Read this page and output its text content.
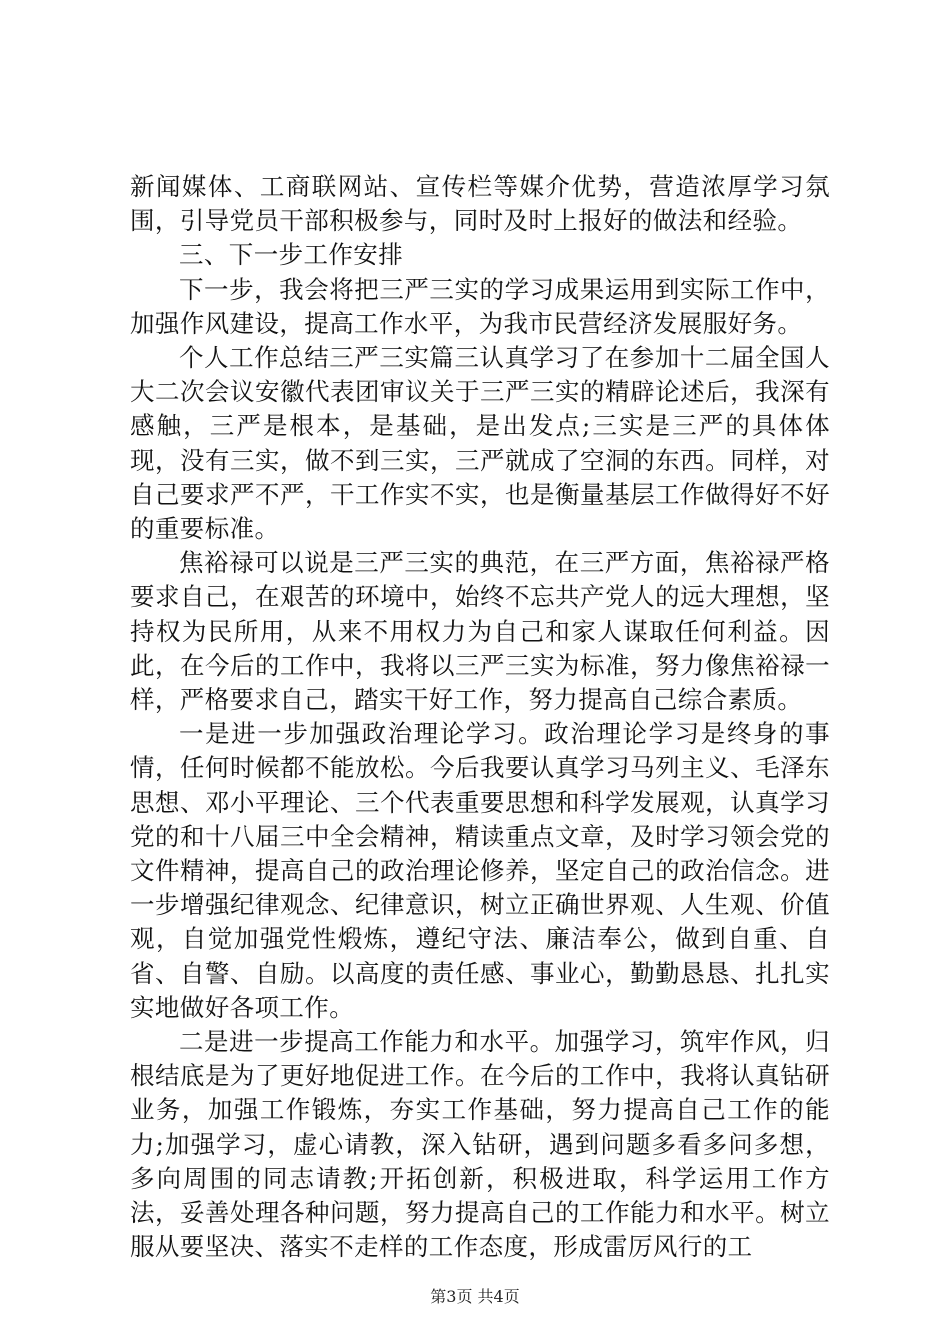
新闻媒体、工商联网站、宣传栏等媒介优势，营造浓厚学习氛围，引导党员干部积极参与，同时及时上报好的做法和经验。

三、下一步工作安排

下一步，我会将把三严三实的学习成果运用到实际工作中，加强作风建设，提高工作水平，为我市民营经济发展服好务。

个人工作总结三严三实篇三认真学习了在参加十二届全国人大二次会议安徽代表团审议关于三严三实的精辟论述后，我深有感触，三严是根本，是基础，是出发点;三实是三严的具体体现，没有三实，做不到三实，三严就成了空洞的东西。同样，对自己要求严不严，干工作实不实，也是衡量基层工作做得好不好的重要标准。

焦裕禄可以说是三严三实的典范，在三严方面，焦裕禄严格要求自己，在艰苦的环境中，始终不忘共产党人的远大理想，坚持权为民所用，从来不用权力为自己和家人谋取任何利益。因此，在今后的工作中，我将以三严三实为标准，努力像焦裕禄一样，严格要求自己，踏实干好工作，努力提高自己综合素质。

一是进一步加强政治理论学习。政治理论学习是终身的事情，任何时候都不能放松。今后我要认真学习马列主义、毛泽东思想、邓小平理论、三个代表重要思想和科学发展观，认真学习党的和十八届三中全会精神，精读重点文章，及时学习领会党的文件精神，提高自己的政治理论修养，坚定自己的政治信念。进一步增强纪律观念、纪律意识，树立正确世界观、人生观、价值观，自觉加强党性煅炼，遵纪守法、廉洁奉公，做到自重、自省、自警、自励。以高度的责任感、事业心，勤勤恳恳、扎扎实实地做好各项工作。

二是进一步提高工作能力和水平。加强学习，筑牢作风，归根结底是为了更好地促进工作。在今后的工作中，我将认真钻研业务，加强工作锻炼，夯实工作基础，努力提高自己工作的能力;加强学习，虚心请教，深入钻研，遇到问题多看多问多想，多向周围的同志请教;开拓创新，积极进取，科学运用工作方法，妥善处理各种问题，努力提高自己的工作能力和水平。树立服从要坚决、落实不走样的工作态度，形成雷厉风行的工

第3页 共4页
